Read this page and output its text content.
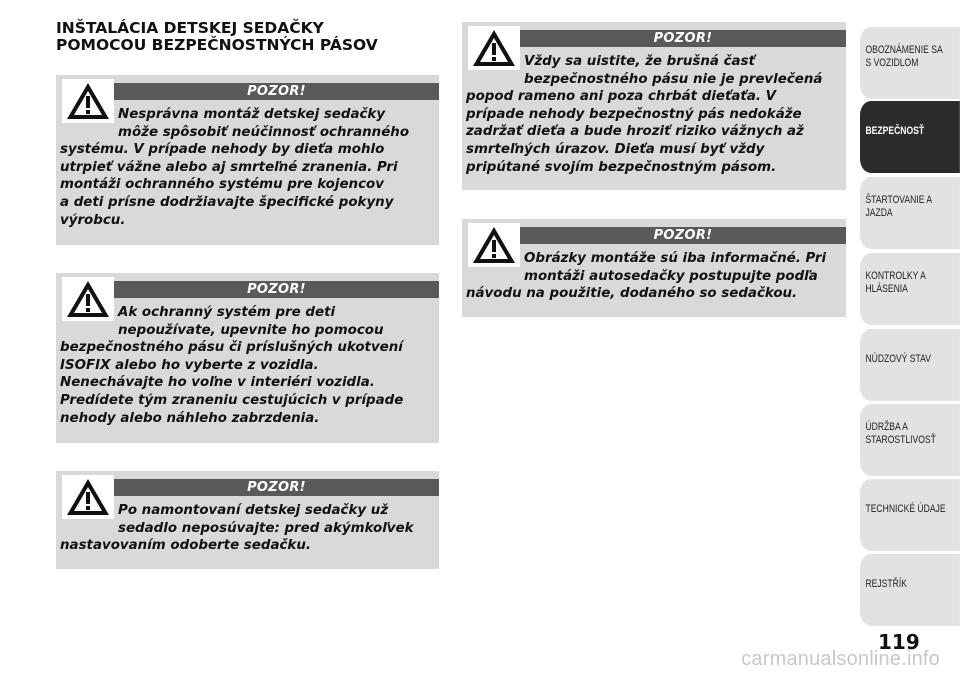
INŠTALÁCIA DETSKEJ SEDAČKY
POMOCOU BEZPEČNOSTNÝCH PÁSOV
POZOR!
Nesprávna montáž detskej sedačky
môže spôsobiť neúčinnosť ochranného
systému. V prípade nehody by dieťa mohlo
utrpieť vážne alebo aj smrteľné zranenia. Pri
montáži ochranného systému pre kojencov
a deti prísne dodržiavajte špecifické pokyny
výrobcu.
POZOR!
Ak ochranný systém pre deti
nepoužívate, upevnite ho pomocou
bezpečnostného pásu či príslušných ukotvení
ISOFIX alebo ho vyberte z vozidla.
Nenechávajte ho voľne v interiéri vozidla.
Predídete tým zraneniu cestujúcich v prípade
nehody alebo náhleho zabrzdenia.
POZOR!
Po namontovaní detskej sedačky už
sedadlo neposúvajte: pred akýmkoľvek
nastavovaním odoberte sedačku.
POZOR!
Vždy sa uistite, že brušná časť
bezpečnostného pásu nie je prevlečená
popod rameno ani poza chrbát dieťaťa. V
prípade nehody bezpečnostný pás nedokáže
zadržať dieťa a bude hroziť riziko vážnych až
smrteľných úrazov. Dieťa musí byť vždy
pripútané svojím bezpečnostným pásom.
POZOR!
Obrázky montáže sú iba informačné. Pri
montáži autosedačky postupujte podľa
návodu na použitie, dodaného so sedačkou.
OBOZNÁMENIE SA
S VOZIDLOM
BEZPEČNOSŤ
ŠTARTOVANIE A
JAZDA
KONTROLKY A
HLÁSENIA
NÚDZOVÝ STAV
ÚDRŽBA A
STAROSTLIVOSŤ
TECHNICKÉ ÚDAJE
REJSTŘÍK
119
carmanualsonline.info
